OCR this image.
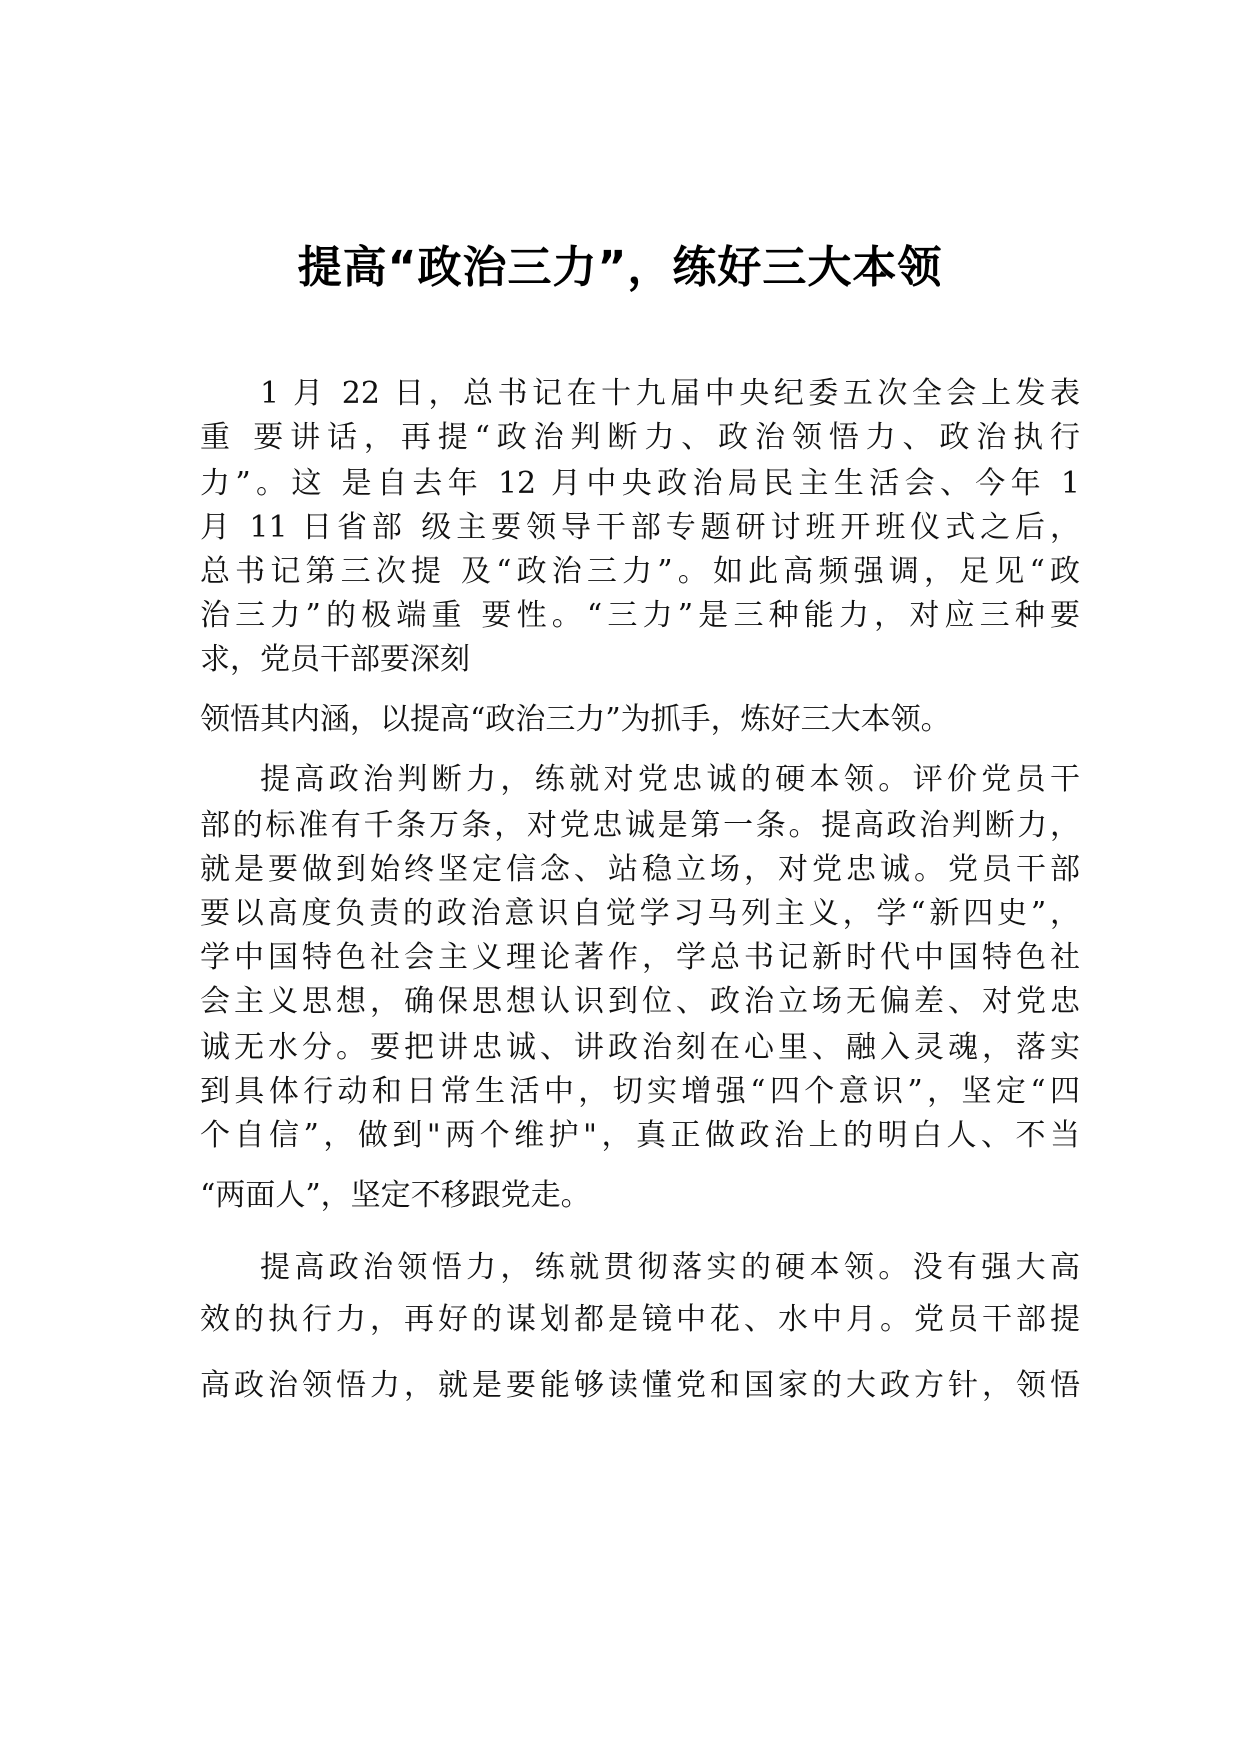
提高“政治三力”，练好三大本领
1 月 22 日，总书记在十九届中央纪委五次全会上发表
重 要讲话，再提“政治判断力、政治领悟力、政治执行
力”。这 是自去年 12 月中央政治局民主生活会、今年 1
月 11 日省部 级主要领导干部专题研讨班开班仪式之后，
总书记第三次提 及“政治三力”。如此高频强调，足见“政
治三力”的极端重 要性。“三力”是三种能力，对应三种要
求，党员干部要深刻
领悟其内涵，以提高“政治三力”为抓手，炼好三大本领。
提高政治判断力，练就对党忠诚的硬本领。评价党员干
部的标准有千条万条，对党忠诚是第一条。提高政治判断力，
就是要做到始终坚定信念、站稳立场，对党忠诚。党员干部
要以高度负责的政治意识自觉学习马列主义，学“新四史”，
学中国特色社会主义理论著作，学总书记新时代中国特色社
会主义思想，确保思想认识到位、政治立场无偏差、对党忠
诚无水分。要把讲忠诚、讲政治刻在心里、融入灵魂，落实
到具体行动和日常生活中，切实增强“四个意识”，坚定“四
个自信”，做到"两个维护"，真正做政治上的明白人、不当
“两面人”，坚定不移跟党走。
提高政治领悟力，练就贯彻落实的硬本领。没有强大高
效的执行力，再好的谋划都是镜中花、水中月。党员干部提
高政治领悟力，就是要能够读懂党和国家的大政方针，领悟
